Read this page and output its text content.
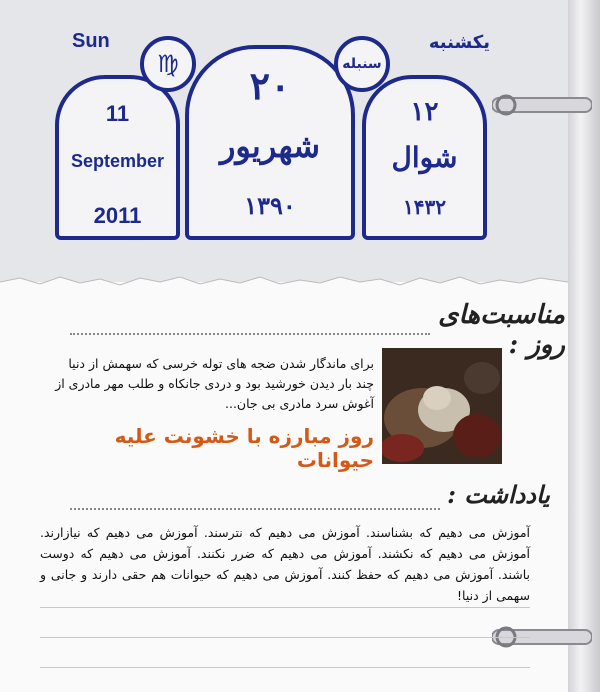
Sun	یکشنبه
11
September
2011
۲۰
شهریور
۱۳۹۰
۱۲
شوال
۱۴۳۲
♍	سنبله
مناسبت‌های روز :
برای ماندگار شدن ضجه های توله خرسی که سهمش از دنیا چند بار دیدن خورشید بود و دردی جانکاه و طلب مهر مادری از آغوش سرد مادری بی جان...
روز مبارزه با خشونت علیه حیوانات
یادداشت :
آموزش می دهیم که بشناسند. آموزش می دهیم که نترسند. آموزش می دهیم که نیازارند. آموزش می دهیم که نکشند. آموزش می دهیم که ضرر نکنند. آموزش می دهیم که دوست باشند. آموزش می دهیم که حفظ کنند. آموزش می دهیم که حیوانات هم حقی دارند و جانی و سهمی از دنیا!
